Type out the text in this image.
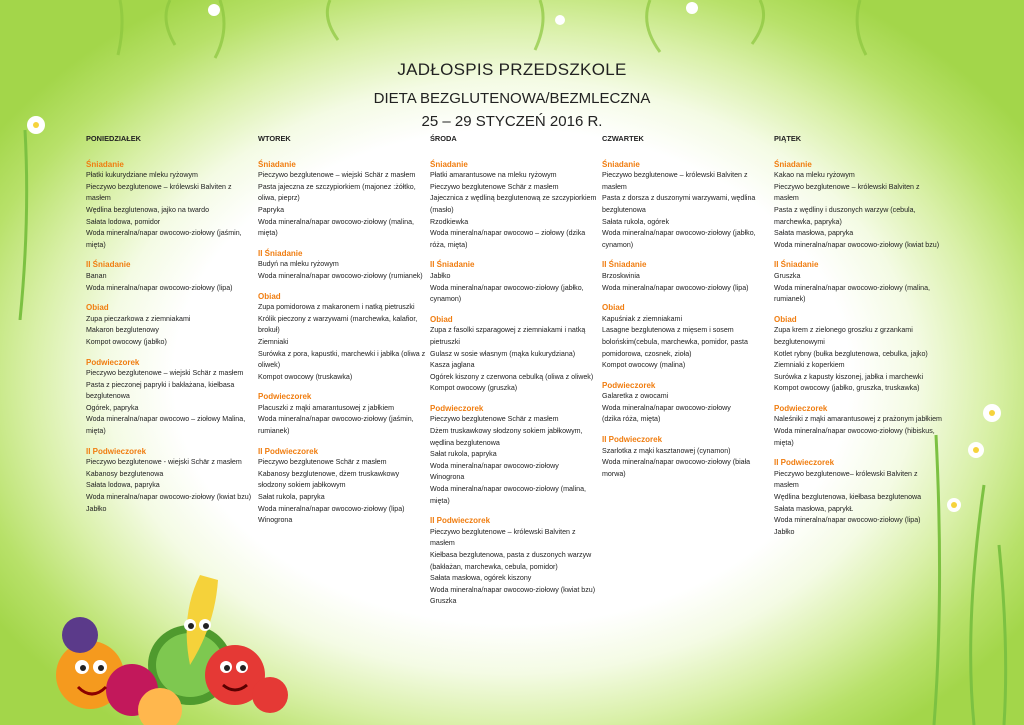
JADŁOSPIS PRZEDSZKOLE
DIETA BEZGLUTENOWA/BEZMLECZNA
25 – 29 STYCZEŃ 2016 R.
PONIEDZIAŁEK
Śniadanie
Płatki kukurydziane mleku ryżowym
Pieczywo bezglutenowe – królewski Balviten z masłem
Wędlina bezglutenowa, jajko na twardo
Sałata lodowa, pomidor
Woda mineralna/napar owocowo-ziołowy (jaśmin, mięta)
II Śniadanie
Banan
Woda mineralna/napar owocowo-ziołowy (lipa)
Obiad
Zupa pieczarkowa z ziemniakami
Makaron bezglutenowy
Kompot owocowy (jabłko)
Podwieczorek
Pieczywo bezglutenowe – wiejski Schär z masłem
Pasta z pieczonej papryki i bakłażana, kiełbasa bezglutenowa
Ogórek, papryka
Woda mineralna/napar owocowo – ziołowy Malina, mięta)
II Podwieczorek
Pieczywo bezglutenowe - wiejski Schär z masłem
Kabanosy bezglutenowa
Sałata lodowa, papryka
Woda mineralna/napar owocowo-ziołowy (kwiat bzu)
Jabłko
WTOREK
Śniadanie
Pieczywo bezglutenowe – wiejski Schär z masłem
Pasta jajeczna ze szczypiorkiem (majonez :żółtko, oliwa, pieprz)
Papryka
Woda mineralna/napar owocowo-ziołowy (malina, mięta)
II Śniadanie
Budyń na mleku ryżowym
Woda mineralna/napar owocowo-ziołowy (rumianek)
Obiad
Zupa pomidorowa z makaronem i natką pietruszki
Królik pieczony z warzywami (marchewka, kalafior, brokuł)
Ziemniaki
Surówka z pora, kapustki, marchewki i jabłka (oliwa z oliwek)
Kompot owocowy (truskawka)
Podwieczorek
Placuszki z mąki amarantusowej z jabłkiem
Woda mineralna/napar owocowo-ziołowy (jaśmin, rumianek)
II Podwieczorek
Pieczywo bezglutenowe Schär z masłem
Kabanosy bezglutenowe, dżem truskawkowy słodzony sokiem jabłkowym
Sałat rukola, papryka
Woda mineralna/napar owocowo-ziołowy (lipa)
Winogrona
ŚRODA
Śniadanie
Płatki amarantusowe na mleku ryżowym
Pieczywo bezglutenowe Schär z masłem
Jajecznica z wędliną bezglutenową ze szczypiorkiem (masło)
Rzodkiewka
Woda mineralna/napar owocowo – ziołowy (dzika róża, mięta)
II Śniadanie
Jabłko
Woda mineralna/napar owocowo-ziołowy (jabłko, cynamon)
Obiad
Zupa z fasolki szparagowej z ziemniakami i natką pietruszki
Gulasz w sosie własnym (mąka kukurydziana)
Kasza jaglana
Ogórek kiszony z czerwona cebulką (oliwa z oliwek)
Kompot owocowy (gruszka)
Podwieczorek
Pieczywo bezglutenowe Schär z masłem
Dżem truskawkowy słodzony sokiem jabłkowym, wędlina bezglutenowa
Sałat rukola, papryka
Woda mineralna/napar owocowo-ziołowy
Winogrona
Woda mineralna/napar owocowo-ziołowy (malina, mięta)
II Podwieczorek
Pieczywo bezglutenowe – królewski Balviten z masłem
Kiełbasa bezglutenowa, pasta z duszonych warzyw (bakłażan, marchewka, cebula, pomidor)
Sałata masłowa, ogórek kiszony
Woda mineralna/napar owocowo-ziołowy (kwiat bzu)
Gruszka
CZWARTEK
Śniadanie
Pieczywo bezglutenowe – królewski Balviten z masłem
Pasta z dorsza z duszonymi warzywami, wędlina bezglutenowa
Sałata rukola, ogórek
Woda mineralna/napar owocowo-ziołowy (jabłko, cynamon)
II Śniadanie
Brzoskwinia
Woda mineralna/napar owocowo-ziołowy (lipa)
Obiad
Kapuśniak z ziemniakami
Lasagne bezglutenowa z mięsem i sosem bolońskim(cebula, marchewka, pomidor, pasta pomidorowa, czosnek, zioła)
Kompot owocowy (malina)
Podwieczorek
Galaretka z owocami
Woda mineralna/napar owocowo-ziołowy
(dzika róża, mięta)
II Podwieczorek
Szarlotka z mąki kasztanowej (cynamon)
Woda mineralna/napar owocowo-ziołowy (biała morwa)
PIĄTEK
Śniadanie
Kakao na mleku ryżowym
Pieczywo bezglutenowe – królewski Balviten z masłem
Pasta z wędliny i duszonych warzyw (cebula, marchewka, papryka)
Sałata masłowa, papryka
Woda mineralna/napar owocowo-ziołowy (kwiat bzu)
II Śniadanie
Gruszka
Woda mineralna/napar owocowo-ziołowy (malina, rumianek)
Obiad
Zupa krem z zielonego groszku z grzankami bezglutenowymi
Kotlet rybny (bułka bezglutenowa, cebulka, jajko)
Ziemniaki z koperkiem
Surówka z kapusty kiszonej, jabłka i marchewki
Kompot owocowy (jabłko, gruszka, truskawka)
Podwieczorek
Naleśniki z mąki amarantusowej z prażonym jabłkiem
Woda mineralna/napar owocowo-ziołowy (hibiskus, mięta)
II Podwieczorek
Pieczywo bezglutenowe– królewski Balviten z masłem
Wędlina bezglutenowa, kiełbasa bezglutenowa
Sałata masłowa, paprykŁ
Woda mineralna/napar owocowo-ziołowy (lipa)
Jabłko
